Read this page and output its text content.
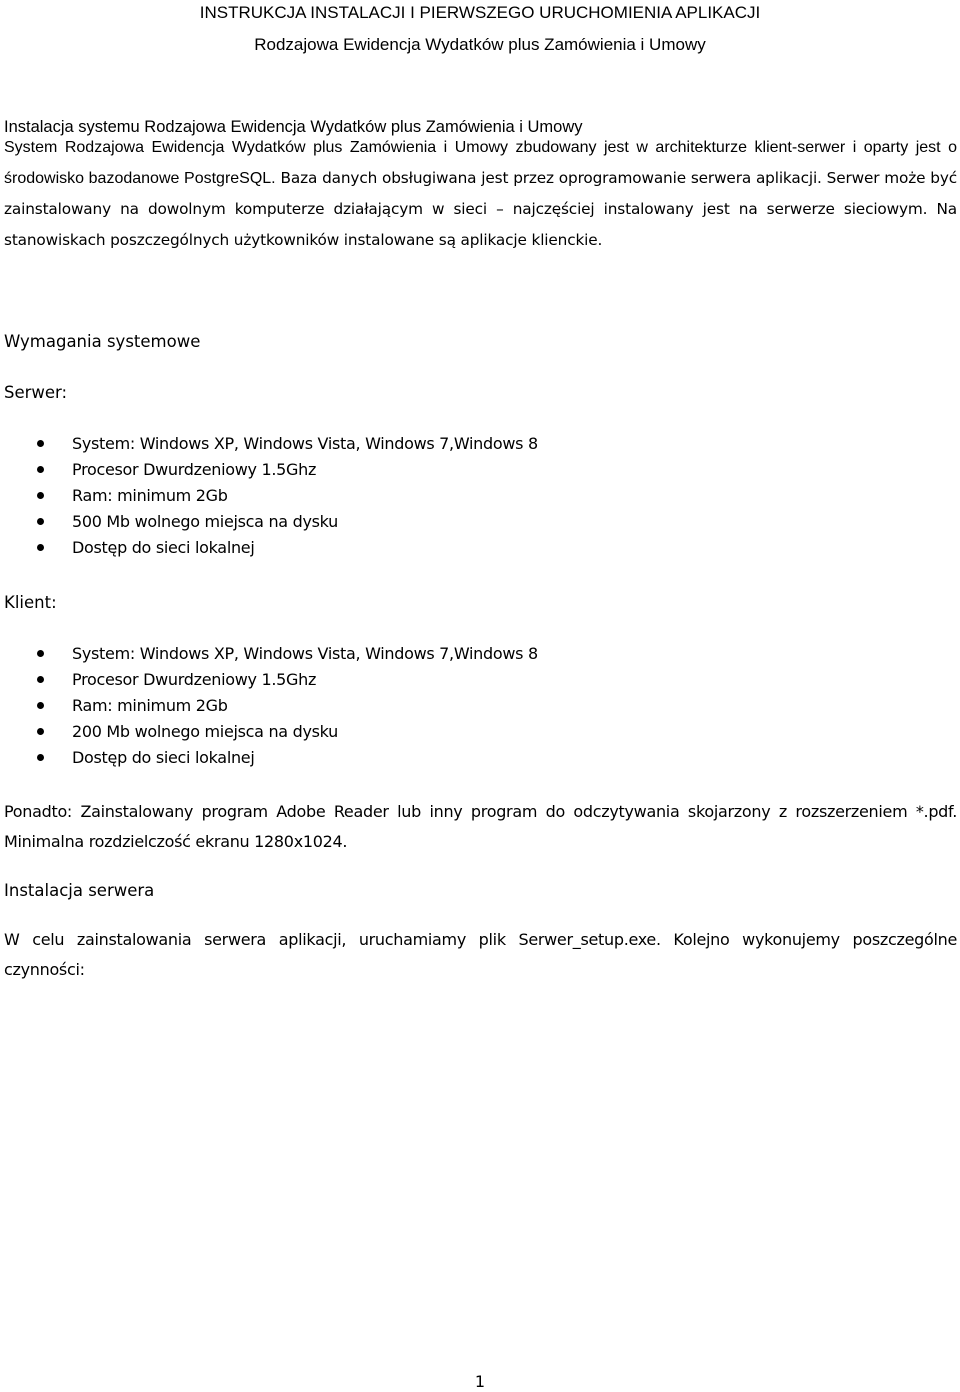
INSTRUKCJA INSTALACJI I PIERWSZEGO URUCHOMIENIA APLIKACJI
Rodzajowa Ewidencja Wydatków plus Zamówienia i Umowy
Instalacja systemu Rodzajowa Ewidencja Wydatków plus Zamówienia i Umowy
System Rodzajowa Ewidencja Wydatków plus Zamówienia i Umowy zbudowany jest w architekturze klient-serwer i oparty jest o środowisko bazodanowe PostgreSQL. Baza danych obsługiwana jest przez oprogramowanie serwera aplikacji. Serwer może być zainstalowany na dowolnym komputerze działającym w sieci – najczęściej instalowany jest na serwerze sieciowym. Na stanowiskach poszczególnych użytkowników instalowane są aplikacje klienckie.
Wymagania systemowe
Serwer:
System: Windows XP, Windows Vista, Windows 7,Windows 8
Procesor Dwurdzeniowy 1.5Ghz
Ram: minimum 2Gb
500 Mb wolnego miejsca na dysku
Dostęp do sieci lokalnej
Klient:
System: Windows XP, Windows Vista, Windows 7,Windows 8
Procesor Dwurdzeniowy 1.5Ghz
Ram: minimum 2Gb
200 Mb wolnego miejsca na dysku
Dostęp do sieci lokalnej
Ponadto: Zainstalowany program Adobe Reader lub inny program do odczytywania skojarzony z rozszerzeniem *.pdf. Minimalna rozdzielczość ekranu 1280x1024.
Instalacja serwera
W celu zainstalowania serwera aplikacji, uruchamiamy plik Serwer_setup.exe. Kolejno wykonujemy poszczególne czynności:
1
